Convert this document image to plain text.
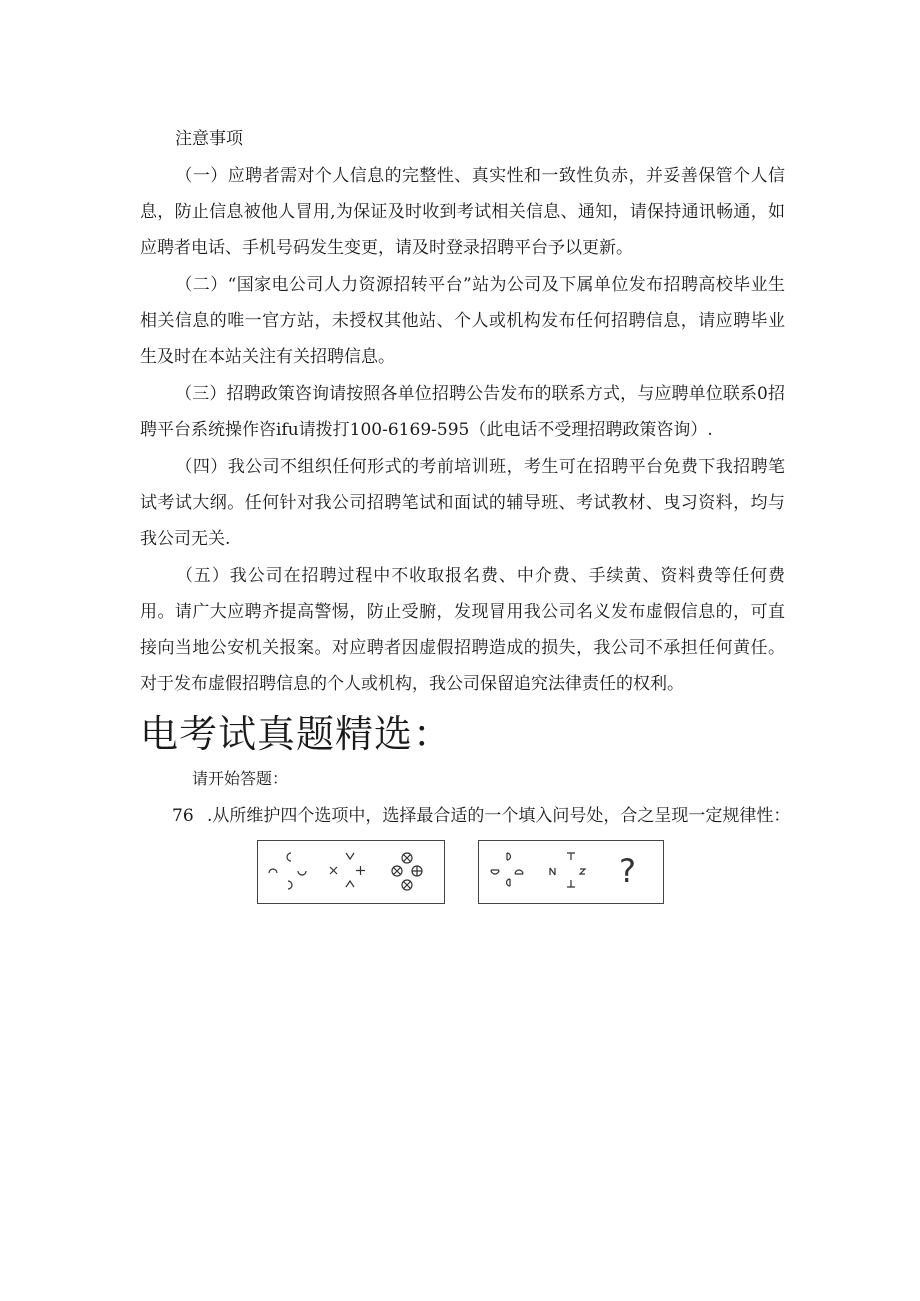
注意事项

（一）应聘者需对个人信息的完整性、真实性和一致性负赤，并妥善保管个人信息，防止信息被他人冒用,为保证及时收到考试相关信息、通知，请保持通讯畅通，如应聘者电话、手机号码发生变更，请及时登录招聘平台予以更新。

（二）“国家电公司人力资源招转平台”站为公司及下属单位发布招聘高校毕业生相关信息的唯一官方站，未授权其他站、个人或机构发布任何招聘信息，请应聘毕业生及时在本站关注有关招聘信息。

（三）招聘政策咨询请按照各单位招聘公告发布的联系方式，与应聘单位联系0招聘平台系统操作咨ifu请拨打100-6169-595（此电话不受理招聘政策咨询）.

（四）我公司不组织任何形式的考前培训班，考生可在招聘平台免费下我招聘笔试考试大纲。任何针对我公司招聘笔试和面试的辅导班、考试教材、曳习资料，均与我公司无关.

（五）我公司在招聘过程中不收取报名费、中介费、手续黄、资料费等任何费用。请广大应聘齐提高警惕，防止受腑，发现冒用我公司名义发布虚假信息的，可直接向当地公安机关报案。对应聘者因虚假招聘造成的损失，我公司不承担任何黄任。对于发布虚假招聘信息的个人或机构，我公司保留追究法律责任的权利。

电考试真题精选：
请开始答题：
76 .从所维护四个选项中，选择最合适的一个填入问号处，合之呈现一定规律性：
?
